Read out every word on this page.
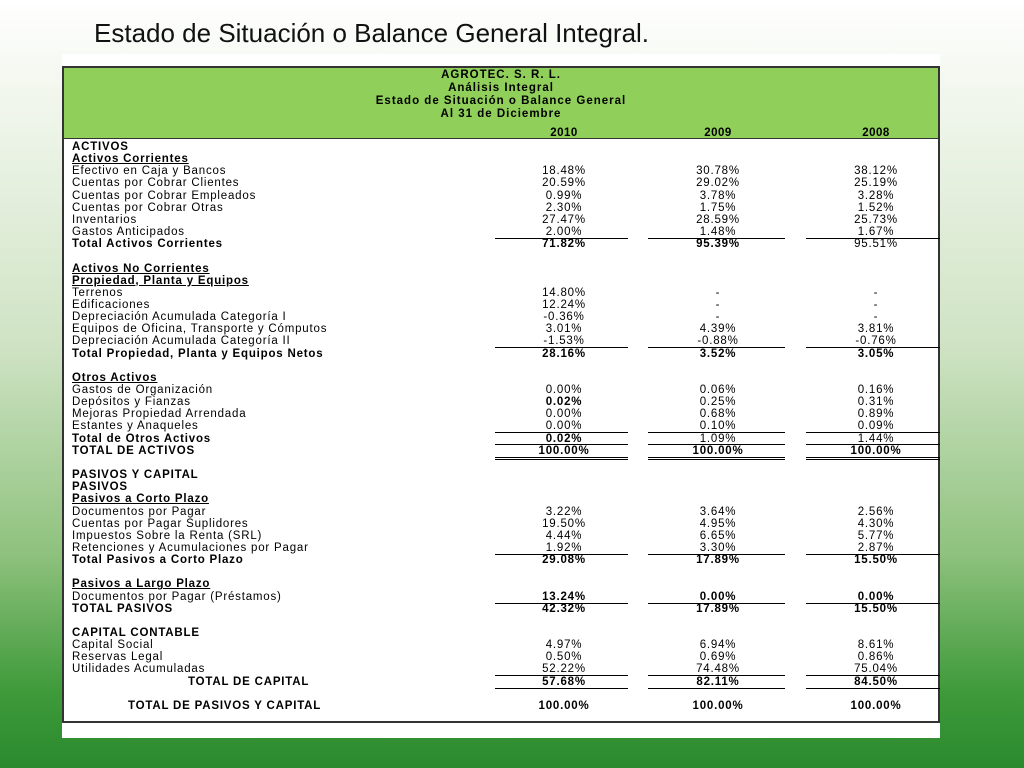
Estado de Situación o Balance General Integral.
AGROTEC. S. R. L.
Análisis Integral
Estado de Situación o Balance General
Al 31 de Diciembre
2010	2009	2008
ACTIVOS
Activos Corrientes
Efectivo en Caja y Bancos	18.48%	30.78%	38.12%
Cuentas por Cobrar Clientes	20.59%	29.02%	25.19%
Cuentas por Cobrar Empleados	0.99%	3.78%	3.28%
Cuentas por Cobrar Otras	2.30%	1.75%	1.52%
Inventarios	27.47%	28.59%	25.73%
Gastos Anticipados	2.00%	1.48%	1.67%
Total Activos Corrientes	71.82%	95.39%	95.51%
Activos No Corrientes
Propiedad, Planta y Equipos
Terrenos	14.80%	-	-
Edificaciones	12.24%	-	-
Depreciación Acumulada Categoría I	-0.36%	-	-
Equipos de Oficina, Transporte y Cómputos	3.01%	4.39%	3.81%
Depreciación Acumulada Categoría II	-1.53%	-0.88%	-0.76%
Total Propiedad, Planta y Equipos Netos	28.16%	3.52%	3.05%
Otros Activos
Gastos de Organización	0.00%	0.06%	0.16%
Depósitos y Fianzas	0.02%	0.25%	0.31%
Mejoras Propiedad Arrendada	0.00%	0.68%	0.89%
Estantes y Anaqueles	0.00%	0.10%	0.09%
Total de Otros Activos	0.02%	1.09%	1.44%
TOTAL DE ACTIVOS	100.00%	100.00%	100.00%
PASIVOS Y CAPITAL
PASIVOS
Pasivos a Corto Plazo
Documentos por Pagar	3.22%	3.64%	2.56%
Cuentas por Pagar Suplidores	19.50%	4.95%	4.30%
Impuestos Sobre la Renta (SRL)	4.44%	6.65%	5.77%
Retenciones y Acumulaciones por Pagar	1.92%	3.30%	2.87%
Total Pasivos a Corto Plazo	29.08%	17.89%	15.50%
Pasivos a Largo Plazo
Documentos por Pagar (Préstamos)	13.24%	0.00%	0.00%
TOTAL PASIVOS	42.32%	17.89%	15.50%
CAPITAL CONTABLE
Capital Social	4.97%	6.94%	8.61%
Reservas Legal	0.50%	0.69%	0.86%
Utilidades Acumuladas	52.22%	74.48%	75.04%
TOTAL DE CAPITAL	57.68%	82.11%	84.50%
TOTAL DE PASIVOS Y CAPITAL	100.00%	100.00%	100.00%
